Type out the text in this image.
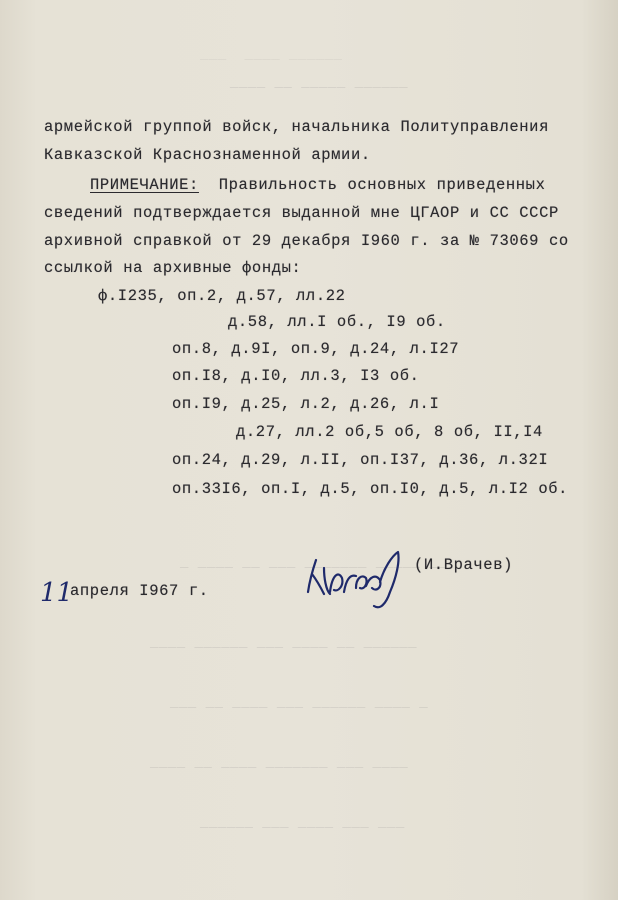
———  ———— ——————
———— —— ————— ——————
— ———— —— ——— ——————— ————— ——
———— —————— ——— ———— —— ——————
——— —— ———— ——— —————— ———— —
———— —— ———— ——————— ——— ————
—————— ——— ———— ——— ———
армейской группой войск, начальника Политуправления
Кавказской Краснознаменной армии.
ПРИМЕЧАНИЕ: Правильность основных приведенных
сведений подтверждается выданной мне ЦГАОР и СС СССР
архивной справкой от 29 декабря I960 г. за № 73069 со
ссылкой на архивные фонды:
ф.I235, оп.2, д.57, лл.22
д.58, лл.I об., I9 об.
оп.8, д.9I, оп.9, д.24, л.I27
оп.I8, д.I0, лл.3, I3 об.
оп.I9, д.25, л.2, д.26, л.I
д.27, лл.2 об,5 об, 8 об, II,I4
оп.24, д.29, л.II, оп.I37, д.36, л.32I
оп.33I6, оп.I, д.5, оп.I0, д.5, л.I2 об.
11
апреля I967 г.
(И.Врачев)
